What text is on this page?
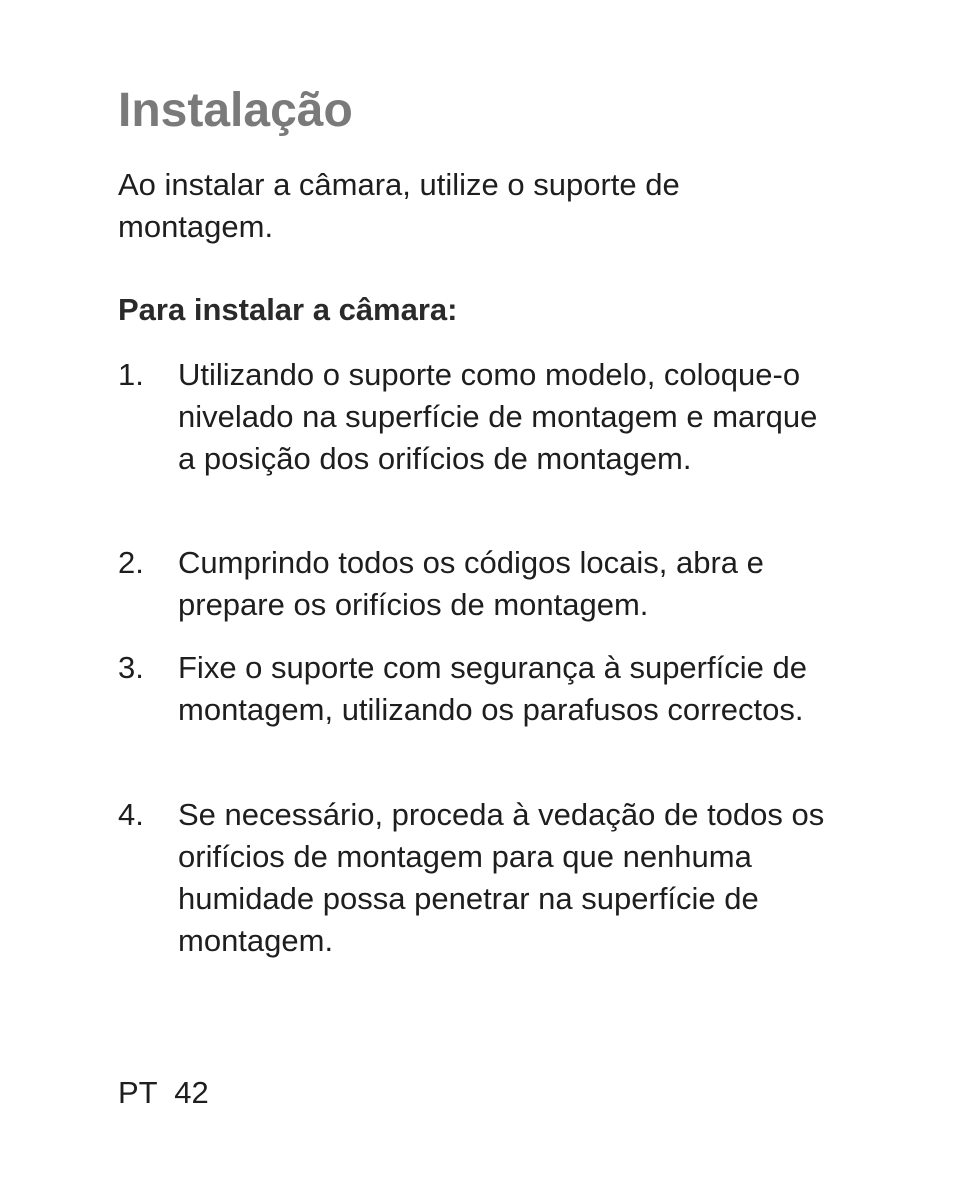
Instalação

Ao instalar a câmara, utilize o suporte de montagem.

Para instalar a câmara:
1. Utilizando o suporte como modelo, coloque-o nivelado na superfície de montagem e marque a posição dos orifícios de montagem.

2. Cumprindo todos os códigos locais, abra e prepare os orifícios de montagem.

3. Fixe o suporte com segurança à superfície de montagem, utilizando os parafusos correctos.

4. Se necessário, proceda à vedação de todos os orifícios de montagem para que nenhuma humidade possa penetrar na superfície de montagem.

PT 42
